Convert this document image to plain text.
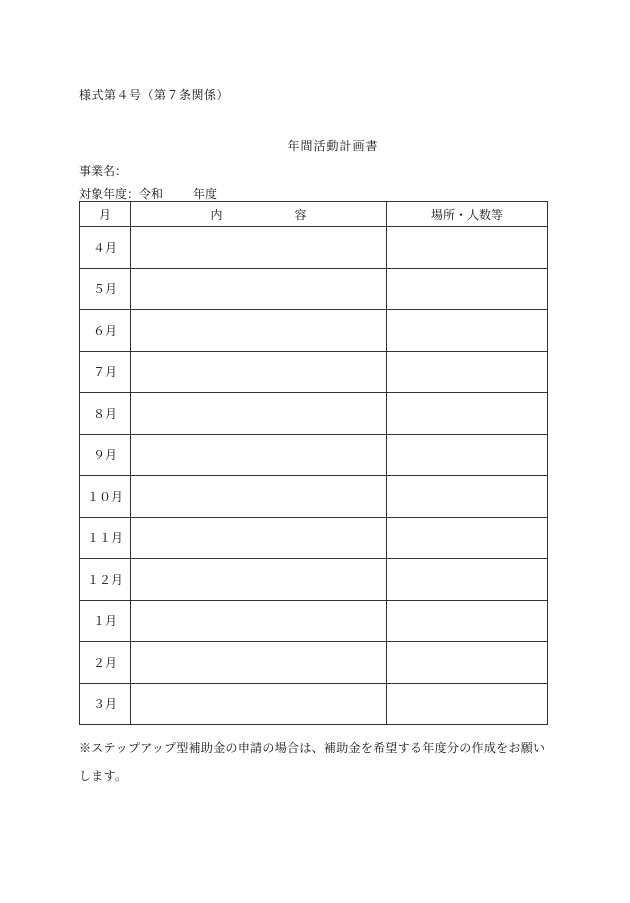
様式第４号（第７条関係）
年間活動計画書
事業名：
対象年度：令和	年度
月	内 容	場所・人数等
４月		
５月		
６月		
７月		
８月		
９月		
１０月		
１１月		
１２月		
１月		
２月		
３月		
※ステップアップ型補助金の申請の場合は、補助金を希望する年度分の作成をお願いします。
